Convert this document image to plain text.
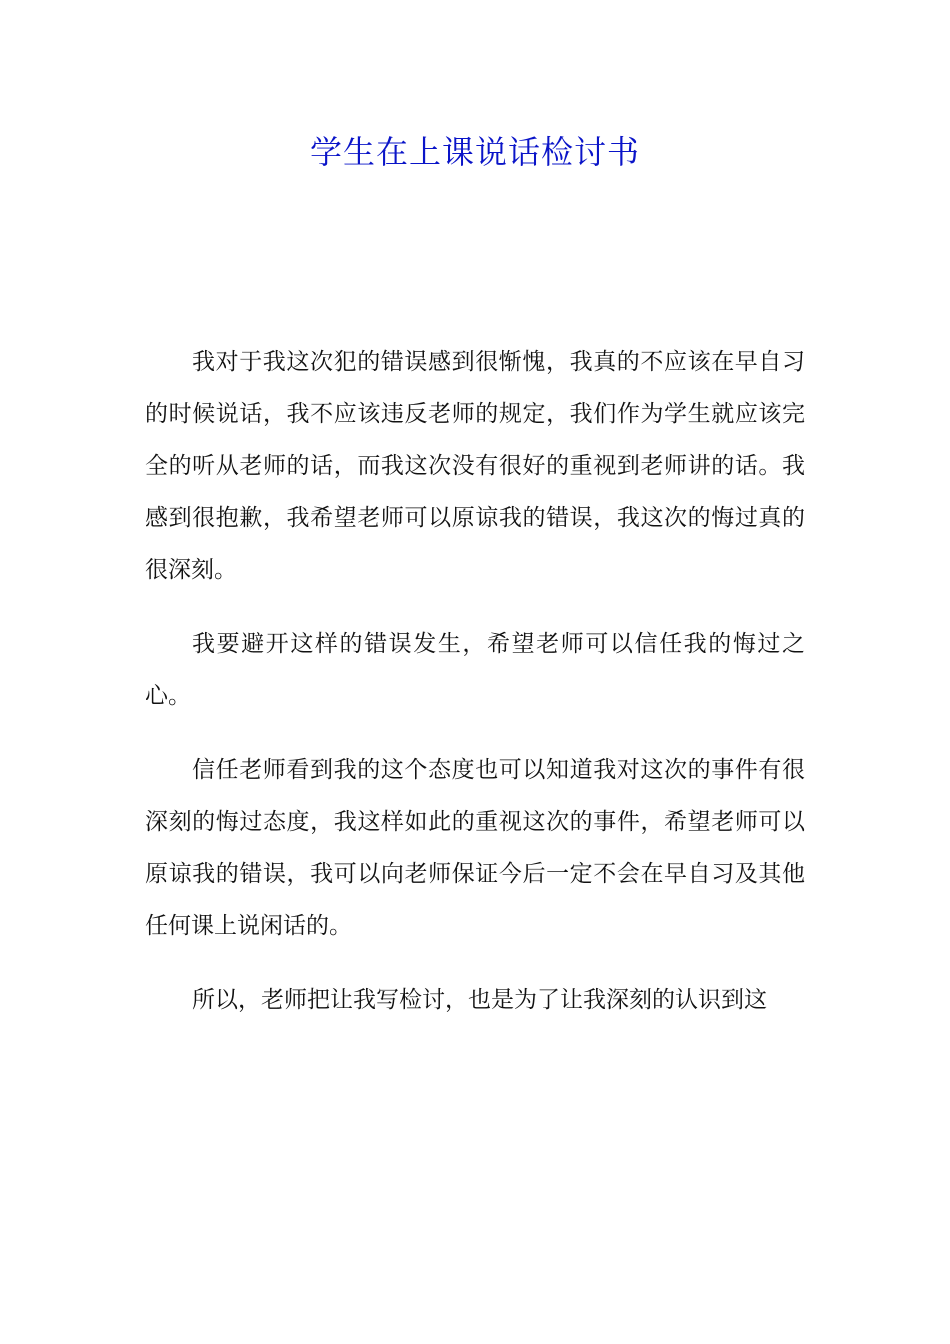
学生在上课说话检讨书

我对于我这次犯的错误感到很惭愧，我真的不应该在早自习的时候说话，我不应该违反老师的规定，我们作为学生就应该完全的听从老师的话，而我这次没有很好的重视到老师讲的话。我感到很抱歉，我希望老师可以原谅我的错误，我这次的悔过真的很深刻。

我要避开这样的错误发生，希望老师可以信任我的悔过之心。

信任老师看到我的这个态度也可以知道我对这次的事件有很深刻的悔过态度，我这样如此的重视这次的事件，希望老师可以原谅我的错误，我可以向老师保证今后一定不会在早自习及其他任何课上说闲话的。

所以，老师把让我写检讨，也是为了让我深刻的认识到这
